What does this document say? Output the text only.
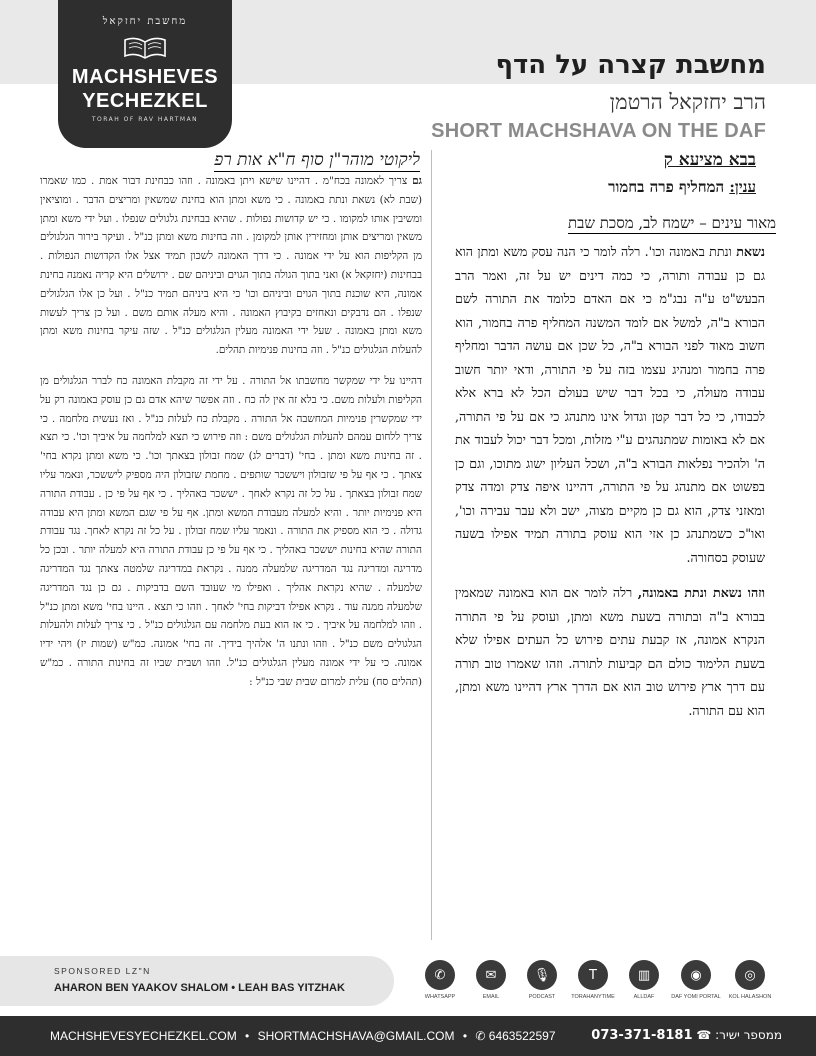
מחשבת יחזקאל
MACHSHEVES
YECHEZKEL
TORAH OF RAV HARTMAN
מחשבת קצרה על הדף
הרב יחזקאל הרטמן
SHORT MACHSHAVA ON THE DAF
בבא מציעא ק
ענין: המחליף פרה בחמור
מאור עינים – ישמח לב, מסכת שבת

נשאת ונתת באמונה וכו'. רלה לומר כי הנה עסק משא ומתן הוא גם כן עבודה ותורה, כי כמה דינים יש על זה, ואמר הרב הבעש"ט ע"ה נבג"מ כי אם האדם כלומד את התורה לשם הבורא ב"ה, למשל אם לומד המשנה המחליף פרה בחמור, הוא חשוב מאוד לפני הבורא ב"ה, כל שכן אם עושה הדבר ומחליף פרה בחמור ומנהיג עצמו בזה על פי התורה, ודאי יותר חשוב עבודה מעולה, כי בכל דבר שיש בעולם הכל לא ברא אלא לכבודו, כי כל דבר קטן וגדול אינו מתנהג כי אם על פי התורה, אם לא באומות שמתנהגים ע"י מזלות, ומכל דבר יכול לעבוד את ה' ולהכיר נפלאות הבורא ב"ה, ושכל העליון ישוג מתוכו, וגם כן בפשוט אם מתנהג על פי התורה, דהיינו איפה צדק ומדה צדק ומאזני צדק, הוא גם כן מקיים מצוה, ישב ולא עבר עבירה וכו', ואו"כ כשמתנהג כן אזי הוא עוסק בתורה תמיד אפילו בשעה שעוסק בסחורה.

וזהו נשאת ונתת באמונה, רלה לומר אם הוא באמונה שמאמין בבורא ב"ה ובתורה בשעת משא ומתן, ועוסק על פי התורה הנקרא אמונה, אז קבעת עתים פירוש כל העתים אפילו שלא בשעת הלימוד כולם הם קביעות לתורה. וזהו שאמרו טוב תורה עם דרך ארץ פירוש טוב הוא אם הדרך ארץ דהיינו משא ומתן, הוא עם התורה.

ליקוטי מוהר"ן סוף ח"א אות רפ

גם צריך לאמונה בכח"מ . דהיינו שישא ויתן באמונה . וזהו כבחינת דבור אמת . כמו שאמרו (שבת לא) נשאת ונתת באמונה . כי משא ומתן הוא בחינת שמשאין ומריצים הדבר . ומוציאין ומשיבין אותו למקומו . כי יש קדושות נפולות . שהיא בבחינת גלגולים שנפלו . ועל ידי משא ומתן משאין ומריצים אותן ומחזירין אותן למקומן . וזה בחינות משא ומתן כנ"ל . ועיקר בירור הגלגולים מן הקליפות הוא על ידי אמונה . כי דרך האמונה לשכון תמיד אצל אלו הקדושות הנפולות . בבחינות (יחזקאל א) ואני בתוך הגולה בתוך הגוים וביניהם שם . ירושלים היא קריה נאמנה בחינת אמונה, היא שוכנת בתוך הגוים וביניהם וכו' כי היא ביניהם תמיד כנ"ל . ועל כן אלו הגלגולים שנפלו . הם נדבקים ונאחזים בקיבוץ האמונה . והיא מעלה אותם משם . ועל כן צריך לעשות משא ומתן באמונה . שעל ידי האמונה מעלין הגלגולים כנ"ל . שזה עיקר בחינות משא ומתן להעלות הגלגולים כנ"ל . וזה בחינות פנימיות תהלים.

דהיינו על ידי שמקשר מחשבתו אל התורה . על ידי זה מקבלת האמונה כח לברר הגלגולים מן הקליפות ולעלות משם. כי בלא זה אין לה כח . וזה אפשר שיהא אדם גם כן עוסק באמונה רק על ידי שמקשרין פנימיות המחשבה אל התורה . מקבלת כח לעלות כנ"ל . ואז נעשית מלחמה . כי צריך ללחום עמהם להעלות הגלגולים משם : וזה פירוש כי תצא למלחמה על איביך וכו'. כי תצא . זה בחינות משא ומתן . בחי' (דברים לג) שמח זבולון בצאתך וכו'. כי משא ומתן נקרא בחי' צאתך . כי אף על פי שזבולון ויששכר שותפים . מחמת שזבולון היה מספיק ליששכר, ונאמר עליו שמח זבולון בצאתך . על כל זה נקרא לאחך . יששכר באהליך . כי אף על פי כן . עבודת התורה היא פנימיות יותר . והיא למעלה מעבודת המשא ומתן. אף על פי שגם המשא ומתן היא עבודה גדולה . כי הוא מספיק את התורה . ונאמר עליו שמח זבולון . על כל זה נקרא לאחך. נגד עבודת התורה שהיא בחינות יששכר באהליך . כי אף על פי כן עבודת התורה היא למעלה יותר . ובכן כל מדריגה ומדריגה נגד המדריגה שלמעלה ממנה . נקראת במדריגה שלמטה צאתך נגד המדריגה שלמעלה . שהיא נקראת אהליך . ואפילו מי שעובד השם בדביקות . גם כן נגד המדריגה שלמעלה ממנה עוד . נקרא אפילו דביקות בחי' לאחך . וזהו כי תצא . היינו בחי' משא ומתן כנ"ל . וזהו למלחמה על איביך . כי אז הוא בעת מלחמה עם הגלגולים כנ"ל . כי צריך לעלות ולהעלות הגלגולים משם כנ"ל . וזהו ונתנו ה' אלהיך בידיך. זה בחי' אמונה. כמ"ש (שמות יז) ויהי ידיו אמונה. כי על ידי אמונה מעלין הגלגולים כנ"ל. וזהו ושבית שביו זה בחינות התורה . כמ"ש (תהלים סח) עלית למרום שבית שבי כנ"ל :

SPONSORED LZ"N
AHARON BEN YAAKOV SHALOM • LEAH BAS YITZHAK
✆
WHATSAPP
✉
EMAIL
🎙
PODCAST
T
TORAHANYTIME
▥
ALLDAF
◉
DAF YOMI PORTAL
◎
KOL HALASHON
MACHSHEVESYECHEZKEL.COM • SHORTMACHSHAVA@GMAIL.COM • ✆ 6463522597	ממספר ישיר: ☎ 073-371-8181
